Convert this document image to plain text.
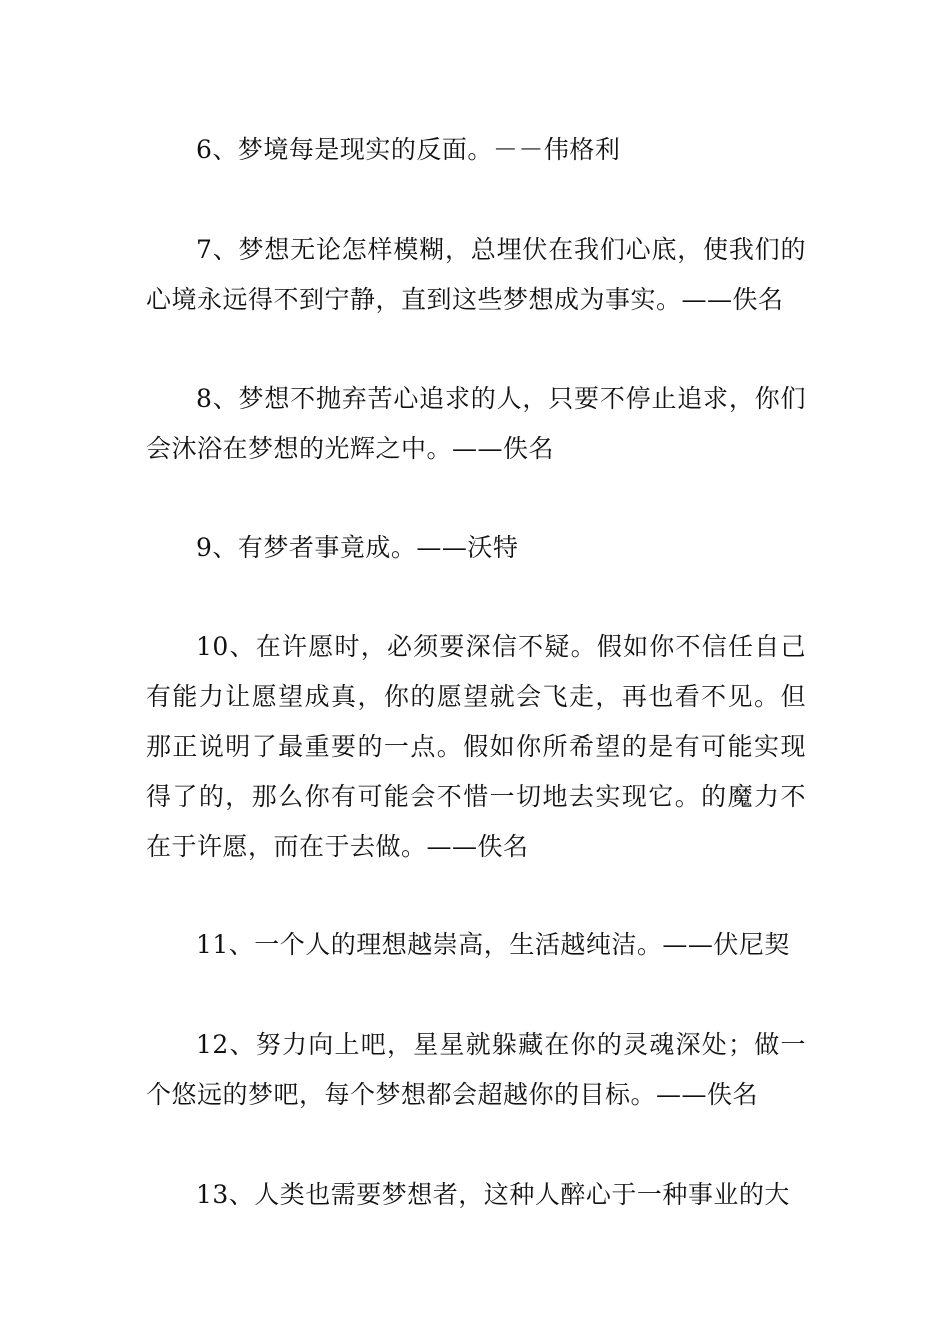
6、梦境每是现实的反面。－－伟格利

7、梦想无论怎样模糊，总埋伏在我们心底，使我们的心境永远得不到宁静，直到这些梦想成为事实。——佚名

8、梦想不抛弃苦心追求的人，只要不停止追求，你们会沐浴在梦想的光辉之中。——佚名

9、有梦者事竟成。——沃特

10、在许愿时，必须要深信不疑。假如你不信任自己有能力让愿望成真，你的愿望就会飞走，再也看不见。但那正说明了最重要的一点。假如你所希望的是有可能实现得了的，那么你有可能会不惜一切地去实现它。的魔力不在于许愿，而在于去做。——佚名

11、一个人的理想越崇高，生活越纯洁。——伏尼契

12、努力向上吧，星星就躲藏在你的灵魂深处；做一个悠远的梦吧，每个梦想都会超越你的目标。——佚名

13、人类也需要梦想者，这种人醉心于一种事业的大
